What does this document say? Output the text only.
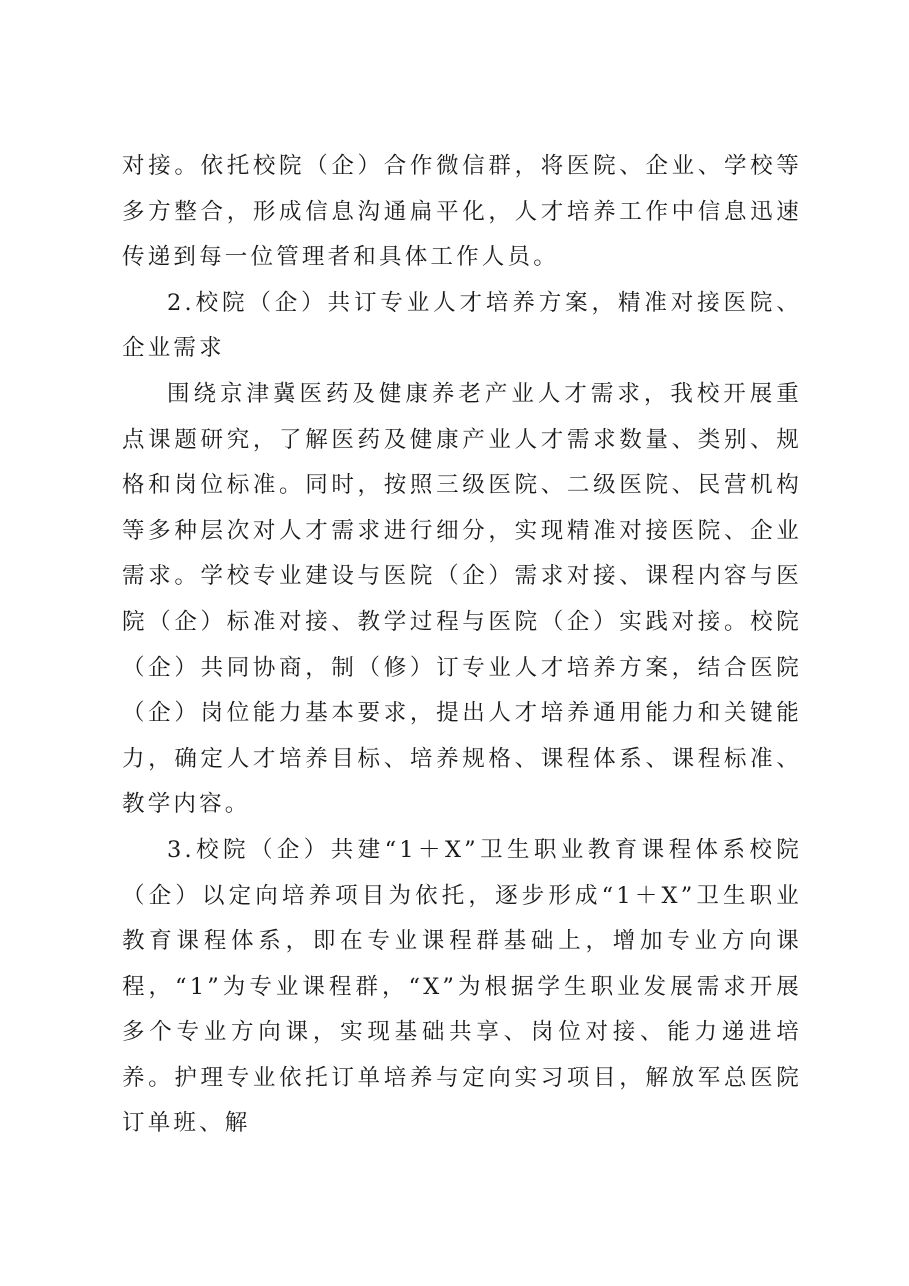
对接。依托校院（企）合作微信群，将医院、企业、学校等多方整合，形成信息沟通扁平化，人才培养工作中信息迅速传递到每一位管理者和具体工作人员。

2.校院（企）共订专业人才培养方案，精准对接医院、企业需求

围绕京津冀医药及健康养老产业人才需求，我校开展重点课题研究，了解医药及健康产业人才需求数量、类别、规格和岗位标准。同时，按照三级医院、二级医院、民营机构等多种层次对人才需求进行细分，实现精准对接医院、企业需求。学校专业建设与医院（企）需求对接、课程内容与医院（企）标准对接、教学过程与医院（企）实践对接。校院（企）共同协商，制（修）订专业人才培养方案，结合医院（企）岗位能力基本要求，提出人才培养通用能力和关键能力，确定人才培养目标、培养规格、课程体系、课程标准、教学内容。

3.校院（企）共建“1＋X”卫生职业教育课程体系校院（企）以定向培养项目为依托，逐步形成“1＋X”卫生职业教育课程体系，即在专业课程群基础上，增加专业方向课程，“1”为专业课程群，“X”为根据学生职业发展需求开展多个专业方向课，实现基础共享、岗位对接、能力递进培养。护理专业依托订单培养与定向实习项目，解放军总医院订单班、解
